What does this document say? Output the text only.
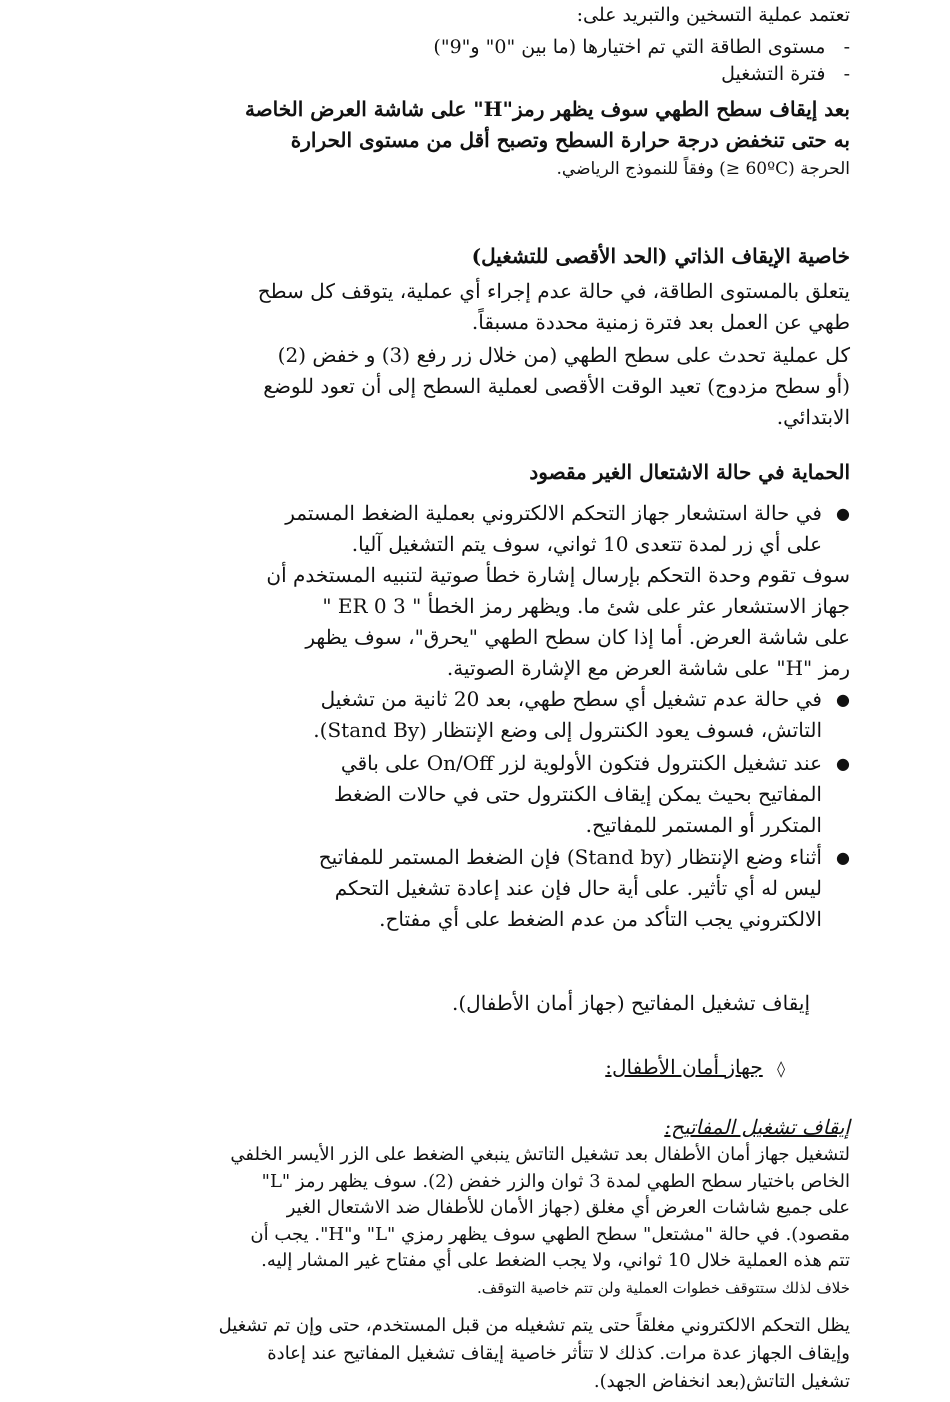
تعتمد عملية التسخين والتبريد على:
-   مستوى الطاقة التي تم اختيارها (ما بين "0" و"9")
-   فترة التشغيل
بعد إيقاف سطح الطهي سوف يظهر رمز"H" على شاشة العرض الخاصة
به حتى تنخفض درجة حرارة السطح وتصبح أقل من مستوى الحرارة
الحرجة (60ºC ≤) وفقاً للنموذج الرياضي.
خاصية الإيقاف الذاتي (الحد الأقصى للتشغيل)
يتعلق بالمستوى الطاقة، في حالة عدم إجراء أي عملية، يتوقف كل سطح
طهي عن العمل بعد فترة زمنية محددة مسبقاً.
كل عملية تحدث على سطح الطهي (من خلال زر رفع (3) و خفض (2)
(أو سطح مزدوج) تعيد الوقت الأقصى لعملية السطح إلى أن تعود للوضع
الابتدائي.
الحماية في حالة الاشتعال الغير مقصود
●
في حالة استشعار جهاز التحكم الالكتروني بعملية الضغط المستمر
على أي زر لمدة تتعدى 10 ثواني، سوف يتم التشغيل آليا.
سوف تقوم وحدة التحكم بإرسال إشارة خطأ صوتية لتنبيه المستخدم أن
جهاز الاستشعار عثر على شئ ما. ويظهر رمز الخطأ " ER 0 3 "
على شاشة العرض. أما إذا كان سطح الطهي "يحرق"، سوف يظهر
رمز "H" على شاشة العرض مع الإشارة الصوتية.
●
في حالة عدم تشغيل أي سطح طهي، بعد 20 ثانية من تشغيل
التاتش، فسوف يعود الكنترول إلى وضع الإنتظار (Stand By).
●
عند تشغيل الكنترول فتكون الأولوية لزر On/Off على باقي
المفاتيح بحيث يمكن إيقاف الكنترول حتى في حالات الضغط
المتكرر أو المستمر للمفاتيح.
●
أثناء وضع الإنتظار (Stand by) فإن الضغط المستمر للمفاتيح
ليس له أي تأثير. على أية حال فإن عند إعادة تشغيل التحكم
الالكتروني يجب التأكد من عدم الضغط على أي مفتاح.
إيقاف تشغيل المفاتيح (جهاز أمان الأطفال).
◊ جهاز أمان الأطفال:
إيقاف تشغيل المفاتيح:
لتشغيل جهاز أمان الأطفال بعد تشغيل التاتش ينبغي الضغط على الزر الأيسر الخلفي
الخاص باختيار سطح الطهي لمدة 3 ثوان والزر خفض (2). سوف يظهر رمز "L"
على جميع شاشات العرض أي مغلق (جهاز الأمان للأطفال ضد الاشتعال الغير
مقصود). في حالة "مشتعل" سطح الطهي سوف يظهر رمزي "L" و"H". يجب أن
تتم هذه العملية خلال 10 ثواني، ولا يجب الضغط على أي مفتاح غير المشار إليه.
خلاف لذلك ستتوقف خطوات العملية ولن تتم خاصية التوقف.
يظل التحكم الالكتروني مغلقاً حتى يتم تشغيله من قبل المستخدم، حتى وإن تم تشغيل
وإيقاف الجهاز عدة مرات. كذلك لا تتأثر خاصية إيقاف تشغيل المفاتيح عند إعادة
تشغيل التاتش(بعد انخفاض الجهد).
